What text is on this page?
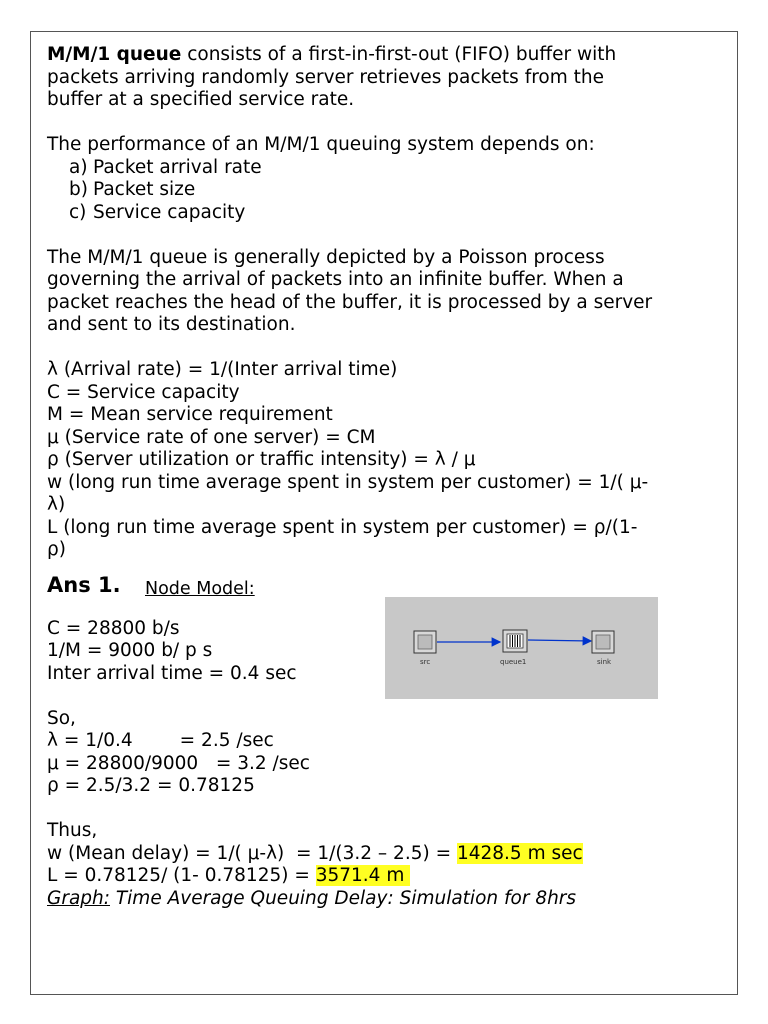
M/M/1 queue consists of a first-in-first-out (FIFO) buffer with

packets arriving randomly server retrieves packets from the

buffer at a specified service rate.

The performance of an M/M/1 queuing system depends on:

a) Packet arrival rate
b) Packet size
c) Service capacity

The M/M/1 queue is generally depicted by a Poisson process

governing the arrival of packets into an infinite buffer. When a

packet reaches the head of the buffer, it is processed by a server

and sent to its destination.

λ (Arrival rate) = 1/(Inter arrival time)

C = Service capacity

M = Mean service requirement

μ (Service rate of one server) = CM

ρ (Server utilization or traffic intensity) = λ / μ

w (long run time average spent in system per customer) = 1/( μ-

λ)

L (long run time average spent in system per customer) = ρ/(1-

ρ)

Ans 1. Node Model:

C = 28800 b/s

1/M = 9000 b/ p s

Inter arrival time = 0.4 sec

So,

λ = 1/0.4        = 2.5 /sec

μ = 28800/9000   = 3.2 /sec

ρ = 2.5/3.2 = 0.78125

Thus,

w (Mean delay) = 1/( μ-λ)  = 1/(3.2 – 2.5) = 1428.5 m sec

L = 0.78125/ (1- 0.78125) = 3571.4 m

Graph: Time Average Queuing Delay: Simulation for 8hrs

src	queue1	sink
